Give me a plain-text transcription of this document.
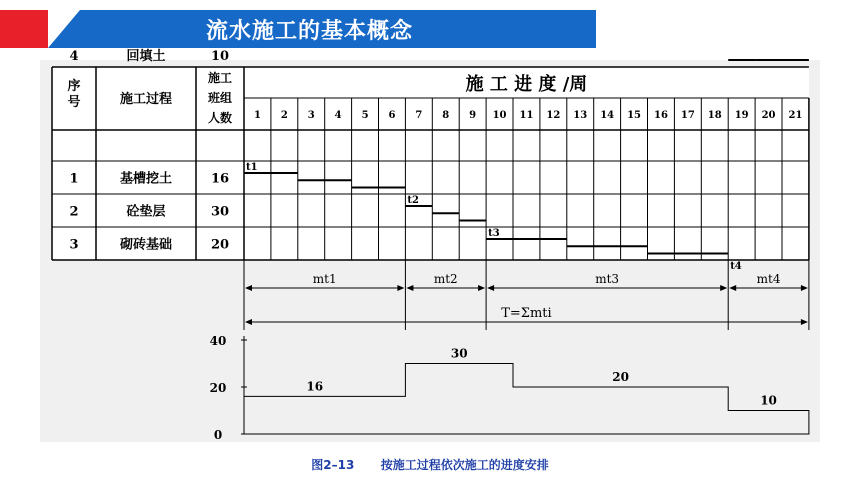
流水施工的基本概念
序
号	施工过程
施工
班组
人数
施 工 进 度 /周
1 2 3 4 5 6 7 8 9 10 11 12 13 14 15 16 17 18 19 20 21
1	基槽挖土	16
2	砼垫层	30
3	砌砖基础	20
4	回填土	10
t1
t2
t3
t4
mt1	mt2	mt3	mt4
T=Σmti
40
20
0
16
30
20
10
图2–13 按施工过程依次施工的进度安排
